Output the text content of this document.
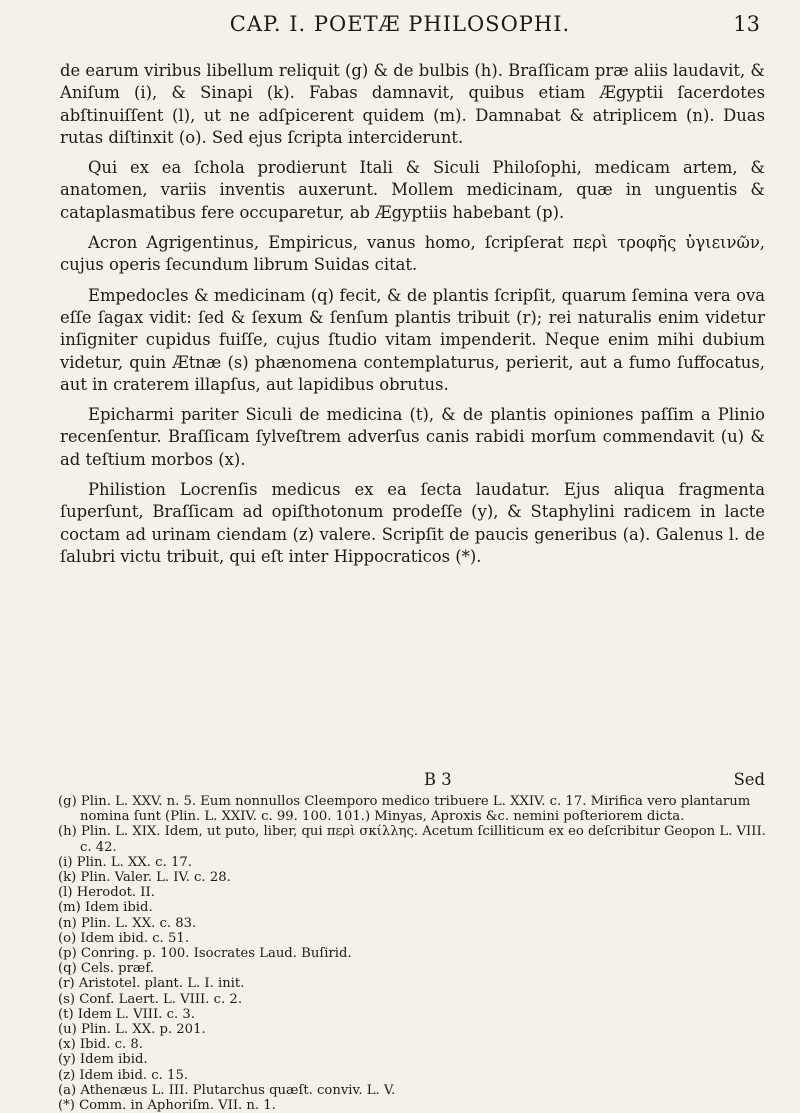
CAP. I. POETÆ PHILOSOPHI.	13

de earum viribus libellum reliquit (g) & de bulbis (h). Braſſicam præ aliis laudavit, & Aniſum (i), & Sinapi (k). Fabas damnavit, quibus etiam Ægyptii ſacerdotes abſtinuiſſent (l), ut ne adſpicerent quidem (m). Damnabat & atriplicem (n). Duas rutas diſtinxit (o). Sed ejus ſcripta interciderunt.

Qui ex ea ſchola prodierunt Itali & Siculi Philoſophi, medicam artem, & anatomen, variis inventis auxerunt. Mollem medicinam, quæ in unguentis & cataplasmatibus fere occuparetur, ab Ægyptiis habebant (p).

Acron Agrigentinus, Empiricus, vanus homo, ſcripſerat περὶ τροφῆς ὑγιεινῶν, cujus operis ſecundum librum Suidas citat.

Empedocles & medicinam (q) fecit, & de plantis ſcripſit, quarum ſemina vera ova eſſe ſagax vidit: ſed & ſexum & ſenſum plantis tribuit (r); rei naturalis enim videtur inſigniter cupidus fuiſſe, cujus ſtudio vitam impenderit. Neque enim mihi dubium videtur, quin Ætnæ (s) phænomena contemplaturus, perierit, aut a fumo ſuffocatus, aut in craterem illapſus, aut lapidibus obrutus.

Epicharmi pariter Siculi de medicina (t), & de plantis opiniones paſſim a Plinio recenſentur. Braſſicam ſylveſtrem adverſus canis rabidi morſum commendavit (u) & ad teſtium morbos (x).

Philistion Locrenſis medicus ex ea ſecta laudatur. Ejus aliqua fragmenta ſuperſunt, Braſſicam ad opiſthotonum prodeſſe (y), & Staphylini radicem in lacte coctam ad urinam ciendam (z) valere. Scripſit de paucis generibus (a). Galenus l. de ſalubri victu tribuit, qui eſt inter Hippocraticos (*).

B 3	Sed

(g) Plin. L. XXV. n. 5. Eum nonnullos Cleemporo medico tribuere L. XXIV. c. 17. Mirifica vero plantarum nomina ſunt (Plin. L. XXIV. c. 99. 100. 101.) Minyas, Aproxis &c. nemini poſteriorem dicta.

(h) Plin. L. XIX. Idem, ut puto, liber, qui περὶ σκίλλης. Acetum ſcilliticum ex eo deſcribitur Geopon L. VIII. c. 42.

(i) Plin. L. XX. c. 17.

(k) Plin. Valer. L. IV. c. 28.

(l) Herodot. II.

(m) Idem ibid.

(n) Plin. L. XX. c. 83.

(o) Idem ibid. c. 51.

(p) Conring. p. 100. Isocrates Laud. Buſirid.

(q) Cels. præf.

(r) Aristotel. plant. L. I. init.

(s) Conf. Laert. L. VIII. c. 2.

(t) Idem L. VIII. c. 3.

(u) Plin. L. XX. p. 201.

(x) Ibid. c. 8.

(y) Idem ibid.

(z) Idem ibid. c. 15.

(a) Athenæus L. III. Plutarchus quæſt. conviv. L. V.

(*) Comm. in Aphoriſm. VII. n. 1.
